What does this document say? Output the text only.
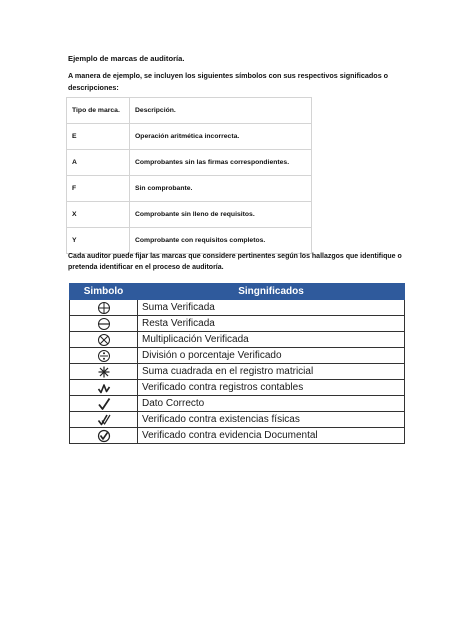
Ejemplo de marcas de auditoría.
A manera de ejemplo, se incluyen los siguientes símbolos con sus respectivos significados o descripciones:
Tipo de marca.	Descripción.
E	Operación aritmética incorrecta.
A	Comprobantes sin las firmas correspondientes.
F	Sin comprobante.
X	Comprobante sin lleno de requisitos.
Y	Comprobante con requisitos completos.
Cada auditor puede fijar las marcas que considere pertinentes según los hallazgos que identifique o pretenda identificar en el proceso de auditoría.
Simbolo	Singnificados

	Suma Verificada

	Resta Verificada

	Multiplicación Verificada

	División o porcentaje Verificado

	Suma cuadrada en el registro matricial

	Verificado contra registros contables

	Dato Correcto

	Verificado contra existencias físicas

	Verificado contra evidencia Documental
